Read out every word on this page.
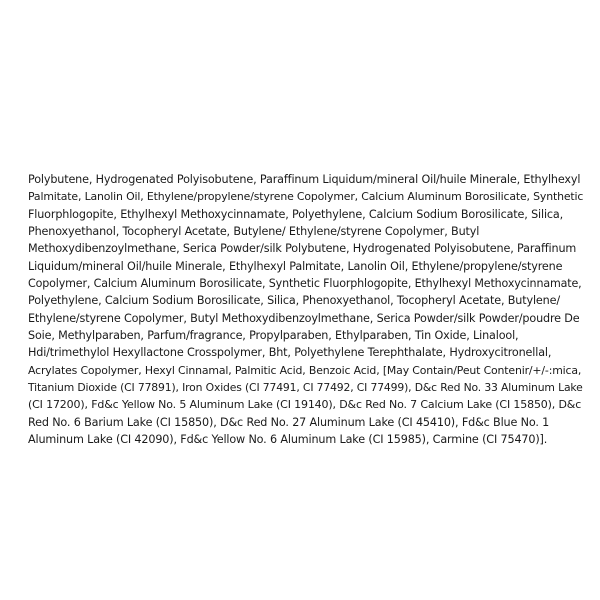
Polybutene, Hydrogenated Polyisobutene, Paraffinum Liquidum/mineral Oil/huile Minerale, Ethylhexyl
Palmitate, Lanolin Oil, Ethylene/propylene/styrene Copolymer, Calcium Aluminum Borosilicate, Synthetic
Fluorphlogopite, Ethylhexyl Methoxycinnamate, Polyethylene, Calcium Sodium Borosilicate, Silica,
Phenoxyethanol, Tocopheryl Acetate, Butylene/ Ethylene/styrene Copolymer, Butyl
Methoxydibenzoylmethane, Serica Powder/silk Polybutene, Hydrogenated Polyisobutene, Paraffinum
Liquidum/mineral Oil/huile Minerale, Ethylhexyl Palmitate, Lanolin Oil, Ethylene/propylene/styrene
Copolymer, Calcium Aluminum Borosilicate, Synthetic Fluorphlogopite, Ethylhexyl Methoxycinnamate,
Polyethylene, Calcium Sodium Borosilicate, Silica, Phenoxyethanol, Tocopheryl Acetate, Butylene/
Ethylene/styrene Copolymer, Butyl Methoxydibenzoylmethane, Serica Powder/silk Powder/poudre De
Soie, Methylparaben, Parfum/fragrance, Propylparaben, Ethylparaben, Tin Oxide, Linalool,
Hdi/trimethylol Hexyllactone Crosspolymer, Bht, Polyethylene Terephthalate, Hydroxycitronellal,
Acrylates Copolymer, Hexyl Cinnamal, Palmitic Acid, Benzoic Acid, [May Contain/Peut Contenir/+/-:mica,
Titanium Dioxide (CI 77891), Iron Oxides (CI 77491, CI 77492, CI 77499), D&c Red No. 33 Aluminum Lake
(CI 17200), Fd&c Yellow No. 5 Aluminum Lake (CI 19140), D&c Red No. 7 Calcium Lake (CI 15850), D&c
Red No. 6 Barium Lake (CI 15850), D&c Red No. 27 Aluminum Lake (CI 45410), Fd&c Blue No. 1
Aluminum Lake (CI 42090), Fd&c Yellow No. 6 Aluminum Lake (CI 15985), Carmine (CI 75470)].
